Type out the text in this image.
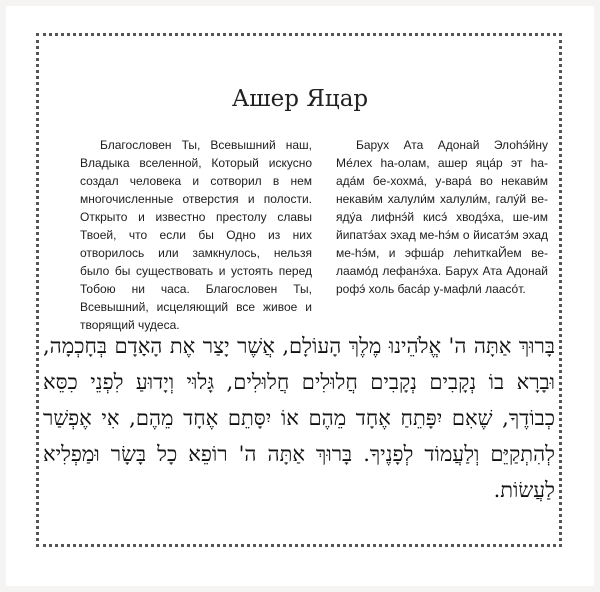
Ашер Яцар

Благословен Ты, Всевышний наш, Владыка вселенной, Который искусно создал человека и сотворил в нем многочисленные отверстия и полости. Открыто и известно престолу славы Твоей, что если бы Одно из них отворилось или замкнулось, нельзя было бы существовать и устоять перед Тобою ни часа. Благословен Ты, Всевышний, исцеляющий все живое и творящий чудеса.

Барух Ата Адонай Элоhэ́йну Ме́лех hа-олам, ашер яца́р эт hа-ада́м бе-хохма́, у-вара́ во некави́м некави́м халули́м халули́м, галу́й ве-яду́а лифнэ́й кисэ́ хводэ́ха, ше-им йипатэ́ах эхад ме-hэ́м о йисатэ́м эхад ме-hэ́м, и эфша́р леhиткаЙем ве-лаамо́д лефанэ́ха. Барух Ата Адонай рофэ́ холь баса́р у-мафли́ лаасо́т.

בָּרוּךְ אַתָּה ה' אֱלֹהֵינוּ מֶלֶךְ הָעוֹלָם, אֲשֶׁר יָצַר אֶת הָאָדָם בְּחָכְמָה, וּבָרָא בוֹ נְקָבִים נְקָבִים חֲלוּלִים חֲלוּלִים, גָּלוּי וְיָדוּעַ לִפְנֵי כִסֵּא כְבוֹדֶךָ, שֶׁאִם יִפָּתֵחַ אֶחָד מֵהֶם אוֹ יִסָּתֵם אֶחָד מֵהֶם, אִי אֶפְשַׁר לְהִתְקַיֵּם וְלַעֲמוֹד לְפָנֶיךָ. בָּרוּךְ אַתָּה ה' רוֹפֵא כָל בָּשָׂר וּמַפְלִיא לַעֲשׂוֹת.
